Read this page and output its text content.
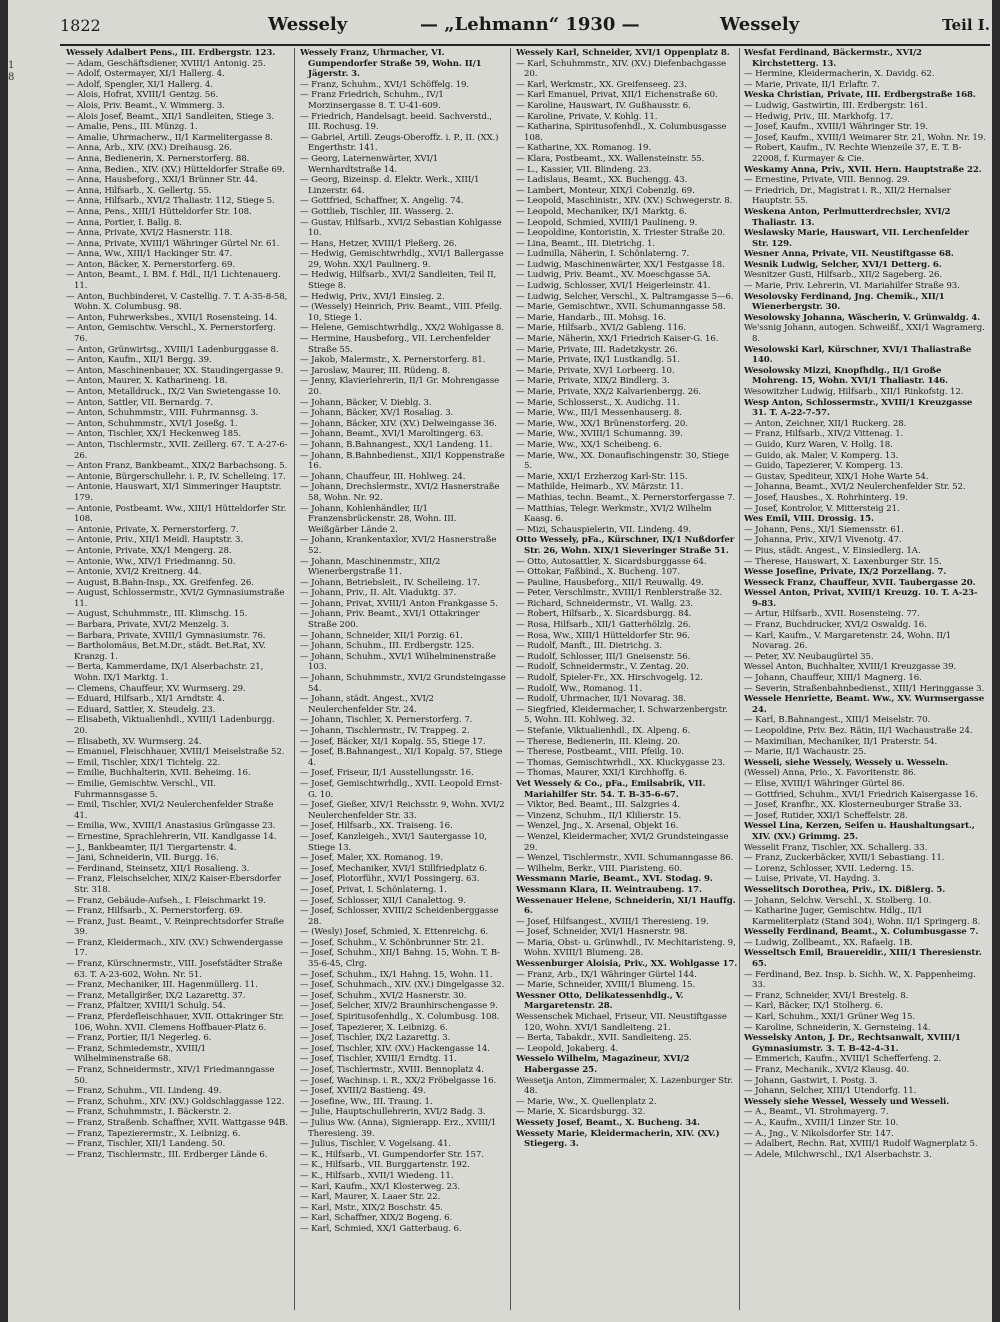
1 8
1822	Wessely	— „Lehmann“ 1930 —	Wessely	Teil I.

Wessely Adalbert Pens., III. Erdbergstr. 123.

— Adam, Geschäftsdiener, XVIII/1 Antonig. 25.

— Adolf, Ostermayer, XI/1 Hallerg. 4.

— Adolf, Spengler, XI/1 Hallerg. 4.

— Alois, Hofrat, XVIII/1 Gentzg. 56.

— Alois, Priv. Beamt., V. Wimmerg. 3.

— Alois Josef, Beamt., XII/1 Sandleiten, Stiege 3.

— Amalie, Pens., III. Münzg. 1.

— Amalie, Uhrmacherw., II/1 Karmelitergasse 8.

— Anna, Arb., XIV. (XV.) Dreihausg. 26.

— Anna, Bedienerin, X. Pernerstorferg. 88.

— Anna, Bedien., XIV. (XV.) Hütteldorfer Straße 69.

— Anna, Hausbeforg., XXI/1 Brünner Str. 44.

— Anna, Hilfsarb., X. Gellertg. 55.

— Anna, Hilfsarb., XVI/2 Thaliastr. 112, Stiege 5.

— Anna, Pens., XIII/1 Hütteldorfer Str. 108.

— Anna, Portier, I. Ballg. 8.

— Anna, Private, XVI/2 Hasnerstr. 118.

— Anna, Private, XVIII/1 Währinger Gürtel Nr. 61.

— Anna, Ww., XIII/1 Hackinger Str. 47.

— Anton, Bäcker, X. Pernerstorferg. 69.

— Anton, Beamt., I. BM. f. Hdl., II/1 Lichtenauerg. 11.

— Anton, Buchbinderei, V. Castellig. 7. T. A-35-8-58, Wohn. X. Columbusg. 98.

— Anton, Fuhrwerksbes., XVII/1 Rosensteing. 14.

— Anton, Gemischtw. Verschl., X. Pernerstorferg. 76.

— Anton, Grünwirtsg., XVIII/1 Ladenburggasse 8.

— Anton, Kaufm., XII/1 Bergg. 39.

— Anton, Maschinenbauer, XX. Staudingergasse 9.

— Anton, Maurer, X. Katharineng. 18.

— Anton, Metalldruck., IX/2 Van Swietengasse 10.

— Anton, Sattler, VII. Bernardg. 7.

— Anton, Schuhmmstr., VIII. Fuhrmannsg. 3.

— Anton, Schuhmmstr., XVI/1 Joseßg. 1.

— Anton, Tischler, XX/1 Heckenweg 185.

— Anton, Tischlermstr., XVII. Zeillerg. 67. T. A-27-6-26.

— Anton Franz, Bankbeamt., XIX/2 Barbachsong. 5.

— Antonie, Bürgerschullehr. i. P., IV. Schelleing. 17.

— Antonie, Hauswart, XI/1 Simmeringer Hauptstr. 179.

— Antonie, Postbeamt. Ww., XIII/1 Hütteldorfer Str. 108.

— Antonie, Private, X. Pernerstorferg. 7.

— Antonie, Priv., XII/1 Meidl. Hauptstr. 3.

— Antonie, Private, XX/1 Mengerg. 28.

— Antonie, Ww., XIV/1 Friedmanng. 50.

— Antonie, XVI/2 Kreitnerg. 44.

— August, B.Bahn-Insp., XX. Greifenfeg. 26.

— August, Schlossermstr., XVI/2 Gymnasiumstraße 11.

— August, Schuhmmstr., III. Klimschg. 15.

— Barbara, Private, XVI/2 Menzelg. 3.

— Barbara, Private, XVIII/1 Gymnasiumstr. 76.

— Bartholomäus, Bet.M.Dr., städt. Bet.Rat, XV. Kranzg. 1.

— Berta, Kammerdame, IX/1 Alserbachstr. 21, Wohn. IX/1 Marktg. 1.

— Clemens, Chauffeur, XV. Wurmserg. 29.

— Eduard, Hilfsarb., XI/1 Arndtstr. 4.

— Eduard, Sattler, X. Steudelg. 23.

— Elisabeth, Viktualienhdl., XVIII/1 Ladenburgg. 20.

— Elisabeth, XV. Wurmserg. 24.

— Emanuel, Fleischhauer, XVIII/1 Meiselstraße 52.

— Emil, Tischler, XIX/1 Tichtelg. 22.

— Emilie, Buchhalterin, XVII. Beheimg. 16.

— Emilie, Gemischtw. Verschl., VII. Fuhrmannsgasse 5.

— Emil, Tischler, XVI/2 Neulerchenfelder Straße 41.

— Emilia, Ww., XVIII/1 Anastasius Grüngasse 23.

— Ernestine, Sprachlehrerin, VII. Kandlgasse 14.

— J., Bankbeamter, II/1 Tiergartenstr. 4.

— Jani, Schneiderin, VII. Burgg. 16.

— Ferdinand, Steinsetz, XII/1 Rosalieng. 3.

— Franz, Fleischselcher, XIX/2 Kaiser-Ebersdorfer Str. 318.

— Franz, Gebäude-Aufseh., I. Fleischmarkt 19.

— Franz, Hilfsarb., X. Pernerstorferg. 69.

— Franz, Just. Beamt., V. Reinprechtsdorfer Straße 39.

— Franz, Kleidermach., XIV. (XV.) Schwendergasse 17.

— Franz, Kürschnermstr., VIII. Josefstädter Straße 63. T. A-23-602, Wohn. Nr. 51.

— Franz, Mechaniker, III. Hagenmüllerg. 11.

— Franz, Metallgirßer, IX/2 Lazarettg. 37.

— Franz, Pfaltzer, XVIII/1 Schulg. 54.

— Franz, Pferdefleischhauer, XVII. Ottakringer Str. 106, Wohn. XVII. Clemens Hoffbauer-Platz 6.

— Franz, Portier, II/1 Negerleg. 6.

— Franz, Schmiedemstr., XVIII/1 Wilhelminenstraße 68.

— Franz, Schneidermstr., XIV/1 Friedmanngasse 50.

— Franz, Schuhm., VII. Lindeng. 49.

— Franz, Schuhm., XIV. (XV.) Goldschlaggasse 122.

— Franz, Schuhmmstr., I. Bäckerstr. 2.

— Franz, Straßenb. Schaffner, XVII. Wattgasse 94B.

— Franz, Tapezierermstr., X. Leibnizg. 6.

— Franz, Tischler, XII/1 Landeng. 50.

— Franz, Tischlermstr., III. Erdberger Lände 6.

Wessely Franz, Uhrmacher, VI. Gumpendorfer Straße 59, Wohn. II/1 Jägerstr. 3.

— Franz, Schuhm., XVI/1 Schöffelg. 19.

— Franz Friedrich, Schuhm., IV/1 Morzinsergasse 8. T. U-41-609.

— Friedrich, Handelsagt. beeid. Sachverstd., III. Rochusg. 19.

— Gabriel, Artill. Zeugs-Oberoffz. i. P., II. (XX.) Engerthstr. 141.

— Georg, Laternenwärter, XVI/1 Wernhardtstraße 14.

— Georg, Bizeinsp. d. Elektr. Werk., XIII/1 Linzerstr. 64.

— Gottfried, Schaffner, X. Angelig. 74.

— Gottlieb, Tischler, III. Wasserg. 2.

— Gustav, Hilfsarb., XVI/2 Sebastian Kohlgasse 10.

— Hans, Hetzer, XVIII/1 Pleßerg. 26.

— Hedwig, Gemischtwrhdlg., XVI/1 Ballergasse 29, Wohn. XX/1 Paulinerg. 9.

— Hedwig, Hilfsarb., XVI/2 Sandleiten, Teil II, Stiege 8.

— Hedwig, Priv., XVI/1 Einsieg. 2.

— (Wessely) Heinrich, Priv. Beamt., VIII. Pfeilg. 10, Stiege 1.

— Helene, Gemischtwrhdlg., XX/2 Wohlgasse 8.

— Hermine, Hausbeforg., VII. Lerchenfelder Straße 55.

— Jakob, Malermstr., X. Pernerstorferg. 81.

— Jaroslaw, Maurer, III. Rüdeng. 8.

— Jenny, Klavierlehrerin, II/1 Gr. Mohrengasse 20.

— Johann, Bäcker, V. Dieblg. 3.

— Johann, Bäcker, XV/1 Rosaliag. 3.

— Johann, Bäcker, XIV. (XV.) Delweingasse 36.

— Johann, Beamt., XVI/1 Maroltingerg. 63.

— Johann, B.Bahnangest., XX/1 Landeng. 11.

— Johann, B.Bahnbedienst., XII/1 Koppenstraße 16.

— Johann, Chauffeur, III. Hohlweg. 24.

— Johann, Drechslermstr., XVI/2 Hasnerstraße 58, Wohn. Nr. 92.

— Johann, Kohlenhändler, II/1 Franzensbrückenstr. 28, Wohn. III. Weißgärber Lände 2.

— Johann, Krankentaxlor, XVI/2 Hasnerstraße 52.

— Johann, Maschinenmstr., XII/2 Wienerbergstraße 11.

— Johann, Betriebsleit., IV. Schelleing. 17.

— Johann, Priv., II. Alt. Viaduktg. 37.

— Johann, Privat, XVIII/1 Anton Frankgasse 5.

— Johann, Priv. Beamt., XVI/1 Ottakringer Straße 200.

— Johann, Schneider, XII/1 Porzig. 61.

— Johann, Schuhm., III. Erdbergstr. 125.

— Johann, Schuhm., XVI/1 Wilhelminenstraße 103.

— Johann, Schuhmmstr., XVI/2 Grundsteingasse 54.

— Johann, städt. Angest., XVI/2 Neulerchenfelder Str. 24.

— Johann, Tischler, X. Pernerstorferg. 7.

— Johann, Tischlermstr., IV. Trappeg. 2.

— Josef, Bäcker, XI/1 Kopalg. 55, Stiege 17.

— Josef, B.Bahnangest., XI/1 Kopalg. 57, Stiege 4.

— Josef, Friseur, II/1 Ausstellungsstr. 16.

— Josef, Gemischtwrhdlg., XVII. Leopold Ernst-G. 10.

— Josef, Gießer, XIV/1 Reichsstr. 9, Wohn. XVI/2 Neulerchenfelder Str. 33.

— Josef, Hilfsarb., XX. Traiseng. 16.

— Josef, Kanzleigeh., XVI/1 Sautergasse 10, Stiege 13.

— Josef, Maler, XX. Romanog. 19.

— Josef, Mechaniker, XVI/1 Stillfriedplatz 6.

— Josef, Plotorführ., XVI/1 Possingerg. 63.

— Josef, Privat, I. Schönlaterng. 1.

— Josef, Schlosser, XII/1 Canalettog. 9.

— Josef, Schlosser, XVIII/2 Scheidenberggasse 28.

— (Wesly) Josef, Schmied, X. Ettenreichg. 6.

— Josef, Schuhm., V. Schönbrunner Str. 21.

— Josef, Schuhm., XII/1 Bahng. 15, Wohn. T. B-35-6-45, Clrg.

— Josef, Schuhm., IX/1 Hahng. 15, Wohn. 11.

— Josef, Schuhmach., XIV. (XV.) Dingelgasse 32.

— Josef, Schuhm., XVI/2 Hasnerstr. 30.

— Josef, Selcher, XIV/2 Braunhirschengasse 9.

— Josef, Spiritusofenhdlg., X. Columbusg. 108.

— Josef, Tapezierer, X. Leibnizg. 6.

— Josef, Tischler, IX/2 Lazarettg. 3.

— Josef, Tischler, XIV. (XV.) Hackengasse 14.

— Josef, Tischler, XVIII/1 Erndtg. 11.

— Josef, Tischlermstr., XVIII. Bennoplatz 4.

— Josef, Wachinsp. i. R., XX/2 Fröbelgasse 16.

— Josef, XVIII/2 Bastieng. 49.

— Josefine, Ww., III. Traung. 1.

— Julie, Hauptschullehrerin, XVI/2 Badg. 3.

— Julius Ww. (Anna), Signierapp. Erz., XVIII/1 Theresieng. 39.

— Julius, Tischler, V. Vogelsang. 41.

— K., Hilfsarb., VI. Gumpendorfer Str. 157.

— K., Hilfsarb., VII. Burggartenstr. 192.

— K., Hilfsarb., XVII/1 Wiedeng. 11.

— Karl, Kaufm., XX/1 Klosterweg. 23.

— Karl, Maurer, X. Laaer Str. 22.

— Karl, Mstr., XIX/2 Boschstr. 45.

— Karl, Schaffner, XIX/2 Bogeng. 6.

— Karl, Schmied, XX/1 Gatterbaug. 6.

Wessely Karl, Schneider, XVI/1 Oppenplatz 8.

— Karl, Schuhmmstr., XIV. (XV.) Diefenbachgasse 20.

— Karl, Werkmstr., XX. Greifenseeg. 23.

— Karl Emanuel, Privat, XII/1 Eichenstraße 60.

— Karoline, Hauswart, IV. Gußhausstr. 6.

— Karoline, Private, V. Kohlg. 11.

— Katharina, Spiritusofenhdl., X. Columbusgasse 108.

— Katharine, XX. Romanog. 19.

— Klara, Postbeamt., XX. Wallensteinstr. 55.

— L., Kassier, VII. Blindeng. 23.

— Ladislaus, Beamt., XX. Buchengg. 43.

— Lambert, Monteur, XIX/1 Cobenzlg. 69.

— Leopold, Maschinistr., XIV. (XV.) Schwegerstr. 8.

— Leopold, Mechaniker, IX/1 Marktg. 6.

— Leopold, Schmied, XVIII/1 Paulineng. 9.

— Leopoldine, Kontoristin, X. Triester Straße 20.

— Lina, Beamt., III. Dietrichg. 1.

— Ludmilla, Näherin, I. Schönlaterng. 7.

— Ludwig, Maschinenwärter, XX/1 Festgasse 18.

— Ludwig, Priv. Beamt., XV. Moeschgasse 5A.

— Ludwig, Schlosser, XVI/1 Heigerleinstr. 41.

— Ludwig, Selcher, Verschl., X. Paltramgasse 5—6.

— Marie, Gemischtwr., XVII. Schumanngasse 58.

— Marie, Handarb., III. Mohsg. 16.

— Marie, Hilfsarb., XVI/2 Gableng. 116.

— Marie, Näherin, XX/1 Friedrich Kaiser-G. 16.

— Marie, Private, III. Radetzkystr. 26.

— Marie, Private, IX/1 Lustkandlg. 51.

— Marie, Private, XV/1 Lorbeerg. 10.

— Marie, Private, XIX/2 Bindlerg. 3.

— Marie, Private, XX/2 Kalvarienbergg. 26.

— Marie, Schlosserst., X. Audichg. 11.

— Marie, Ww., III/1 Messenhauserg. 8.

— Marie, Ww., XX/1 Brünenstorferg. 20.

— Marie, Ww., XVIII/1 Schumanng. 39.

— Marie, Ww., XX/1 Scheibeng. 6.

— Marie, Ww., XX. Donaufischingenstr. 30, Stiege 5.

— Marie, XXI/1 Erzherzog Karl-Str. 115.

— Mathilde, Heimarb., XV. Märzstr. 11.

— Mathias, techn. Beamt., X. Pernerstorfergasse 7.

— Matthias, Telegr. Werkmstr., XVI/2 Wilhelm Kaasg. 6.

— Mizi, Schauspielerin, VII. Lindeng. 49.

Otto Wessely, pFa., Kürschner, IX/1 Nußdorfer Str. 26, Wohn. XIX/1 Sieveringer Straße 51.

— Otto, Autosattler, X. Sicardsburggasse 64.

— Ottokar, Faßbind., X. Bucheng. 107.

— Pauline, Hausbeforg., XII/1 Reuwallg. 49.

— Peter, Verschlmstr., XVIII/1 Renblerstraße 32.

— Richard, Schneidermstr., VI. Wallg. 23.

— Robert, Hilfsarb., X. Sicardsburgg. 84.

— Rosa, Hilfsarb., XII/1 Gatterhölzlg. 26.

— Rosa, Ww., XIII/1 Hütteldorfer Str. 96.

— Rudolf, Manft., III. Dietrichg. 3.

— Rudolf, Schlosser, III/1 Gneisenstr. 56.

— Rudolf, Schneidermstr., V. Zentag. 20.

— Rudolf, Spieler-Fr., XX. Hirschvogelg. 12.

— Rudolf, Ww., Romanog. 11.

— Rudolf, Uhrmacher, II/1 Novarag. 38.

— Siegfried, Kleidermacher, I. Schwarzenbergstr. 5, Wohn. III. Kohlweg. 32.

— Stefanie, Viktualienhdl., IX. Alpeng. 6.

— Therese, Bedienerin, III. Kleing. 20.

— Therese, Postbeamt., VIII. Pfeilg. 10.

— Thomas, Gemischtwrhdl., XX. Kluckygasse 23.

— Thomas, Maurer, XXI/1 Kirchhoffg. 6.

Vet Wessely & Co., pFa., Emilsabrik, VII. Mariahilfer Str. 54. T. B-35-6-67.

— Viktor, Bed. Beamt., III. Salzgries 4.

— Vinzenz, Schuhm., II/1 Klilierstr. 15.

— Wenzel, Jng., X. Arsenal, Objekt 16.

— Wenzel, Kleidermacher, XVI/2 Grundsteingasse 29.

— Wenzel, Tischlermstr., XVII. Schumanngasse 86.

— Wilhelm, Berkr., VIII. Piaristeng. 60.

Wessmann Marie, Beamt., XVI. Stodag. 9.

Wessmann Klara, II. Weintraubeng. 17.

Wessenauer Helene, Schneiderin, XI/1 Hauffg. 6.

— Josef, Hilfsangest., XVIII/1 Theresieng. 19.

— Josef, Schneider, XVI/1 Hasnerstr. 98.

— Maria, Obst- u. Grünwhdl., IV. Mechitaristeng. 9, Wohn. XVIII/1 Blumeng. 28.

Wessenburger Aloisia, Priv., XX. Wohlgasse 17.

— Franz, Arb., IX/1 Währinger Gürtel 144.

— Marie, Schneider, XVIII/1 Blumeng. 15.

Wessner Otto, Delikatessenhdlg., V. Margaretenstr. 28.

Wessenschek Michael, Friseur, VII. Neustiftgasse 120, Wohn. XVI/1 Sandleiteng. 21.

— Berta, Tabakdr., XVII. Sandleiteng. 25.

— Leopold, Jokaberg. 4.

Wesselo Wilhelm, Magazineur, XVI/2 Habergasse 25.

Wessetja Anton, Zimmermaler, X. Lazenburger Str. 48.

— Marie, Ww., X. Quellenplatz 2.

— Marie, X. Sicardsburgg. 32.

Wessety Josef, Beamt., X. Bucheng. 34.

Wessety Marie, Kleidermacherin, XIV. (XV.) Stiegerg. 3.

Wesfat Ferdinand, Bäckermstr., XVI/2 Kirchstetterg. 13.

— Hermine, Kleidermacherin, X. Davidg. 62.

— Marie, Private, II/1 Erlaftr. 7.

Weska Christian, Private, III. Erdbergstraße 168.

— Ludwig, Gastwirtin, III. Erdbergstr. 161.

— Hedwig, Priv., III. Markhofg. 17.

— Josef, Kaufm., XVIII/1 Währinger Str. 19.

— Josef, Kaufm., XVIII/1 Weimarer Str. 21, Wohn. Nr. 19.

— Robert, Kaufm., IV. Rechte Wienzeile 37, E. T. B-22008, f. Kurmayer & Cie.

Weskamy Anna, Priv., XVII. Hern. Hauptstraße 22.

— Ernestine, Private, VIII. Bennog. 29.

— Friedrich, Dr., Magistrat i. R., XII/2 Hernalser Hauptstr. 55.

Weskena Anton, Perlmutterdrechsler, XVI/2 Thaliastr. 13.

Weslawsky Marie, Hauswart, VII. Lerchenfelder Str. 129.

Wesner Anna, Private, VII. Neustiftgasse 68.

Wesnik Ludwig, Selcher, XVI/1 Detterg. 6.

Wesnitzer Gusti, Hilfsarb., XII/2 Sageberg. 26.

— Marie, Priv. Lehrerin, VI. Mariahilfer Straße 93.

Wesolovsky Ferdinand, Jng. Chemik., XII/1 Wienerbergstr. 30.

Wesolowsky Johanna, Wäscherin, V. Grünwaldg. 4.

We'ssnig Johann, autogen. Schweißf., XXI/1 Wagramerg. 8.

Wesolowski Karl, Kürschner, XVI/1 Thaliastraße 140.

Wesolowsky Mizzi, Knopfhdlg., II/1 Große Mohreng. 15, Wohn. XVI/1 Thaliastr. 146.

Wesowitzher Ludwig, Hilfsarb., XII/1 Rinkofstg. 12.

Wesp Anton, Schlossermstr., XVIII/1 Kreuzgasse 31. T. A-22-7-57.

— Anton, Zeichner, XII/1 Ruckerg. 28.

— Franz, Hilfsarb., XIV/2 Vittenag. 1.

— Guido, Kurz Waren, V. Hollg. 18.

— Guido, ak. Maler, V. Komperg. 13.

— Guido, Tapezierer, V. Komperg. 13.

— Gustav, Spediteur, XIX/1 Hohe Warte 54.

— Johanna, Beamt., XVI/2 Neulerchenfelder Str. 52.

— Josef, Hausbes., X. Rohrhinterg. 19.

— Josef, Kontrolor, V. Mittersteig 21.

Wes Emil, VIII. Drossig. 15.

— Johann, Pens., XI/1 Siemensstr. 61.

— Johanna, Priv., XIV/1 Vivenotg. 47.

— Pius, städt. Angest., V. Einsiedlerg. 1A.

— Therese, Hauswart, X. Laxenburger Str. 15.

Wesse Josefine, Private, IX/2 Porzellang. 7.

Wesseck Franz, Chauffeur, XVII. Taubergasse 20.

Wessel Anton, Privat, XVIII/1 Kreuzg. 10. T. A-23-9-83.

— Artur, Hilfsarb., XVII. Rosensteing. 77.

— Franz, Buchdrucker, XVI/2 Oswaldg. 16.

— Karl, Kaufm., V. Margaretenstr. 24, Wohn. II/1 Novarag. 26.

— Peter, XV. Neubaugürtel 35.

Wessel Anton, Buchhalter, XVIII/1 Kreuzgasse 39.

— Johann, Chauffeur, XIII/1 Magnerg. 16.

— Severin, Straßenbahnbedienst., XIII/1 Heringgasse 3.

Wessele Henriette, Beamt. Ww., XV. Wurmsergasse 24.

— Karl, B.Bahnangest., XIII/1 Meiselstr. 70.

— Leopoldine, Priv. Bez. Rätin, II/1 Wachaustraße 24.

— Maximilian, Mechaniker, II/1 Praterstr. 54.

— Marie, II/1 Wachaustr. 25.

Wesseli, siehe Wessely, Wessely u. Wesseln.

(Wessel) Anna, Prio., X. Favoritenstr. 86.

— Elise, XVIII/1 Währinger Gürtel 86.

— Gottfried, Schuhm., XVI/1 Friedrich Kaisergasse 16.

— Josef, Kranfhr., XX. Klosterneuburger Straße 33.

— Josef, Rutider, XXI/1 Scheffelstr. 28.

Wessel Lina, Kerzen, Seifen u. Haushaltungsart., XIV. (XV.) Grimmg. 25.

Wesselit Franz, Tischler, XX. Schallerg. 33.

— Franz, Zuckerbäcker, XVII/1 Sebastiang. 11.

— Lorenz, Schlosser, XVII. Lederng. 15.

— Luise, Private, VI. Haydng. 3.

Wesselitsch Dorothea, Priv., IX. Dißlerg. 5.

— Johann, Selchw. Verschl., X. Stolberg. 10.

— Katharine Juger, Gemischtw. Hdlg., II/1 Karmeliterplatz (Stand 304), Wohn. II/1 Springerg. 8.

Wesselly Ferdinand, Beamt., X. Columbusgasse 7.

— Ludwig, Zollbeamt., XX. Rafaelg. 1B.

Wesseltsch Emil, Brauereidir., XIII/1 Theresienstr. 65.

— Ferdinand, Bez. Insp. b. Sichh. W., X. Pappenheimg. 33.

— Franz, Schneider, XVI/1 Brestelg. 8.

— Karl, Bäcker, IX/1 Stolherg. 6.

— Karl, Schuhm., XXI/1 Grüner Weg 15.

— Karoline, Schneiderin, X. Gernsteing. 14.

Wesselsky Anton, J. Dr., Rechtsanwalt, XVIII/1 Gymnasiumstr. 3. T. B-42-4-31.

— Emmerich, Kaufm., XVIII/1 Schefferfeng. 2.

— Franz, Mechanik., XVI/2 Klausg. 40.

— Johann, Gastwirt, I. Postg. 3.

— Johann, Selcher, XIII/1 Utendorfg. 11.

Wessely siehe Wessel, Wessely und Wesseli.

— A., Beamt., VI. Strohmayerg. 7.

— A., Kaufm., XVIII/1 Linzer Str. 10.

— A., Jng., V. Nikolsdorfer Str. 147.

— Adalbert, Rechn. Rat, XVIII/1 Rudolf Wagnerplatz 5.

— Adele, Milchwrschl., IX/1 Alserbachstr. 3.
